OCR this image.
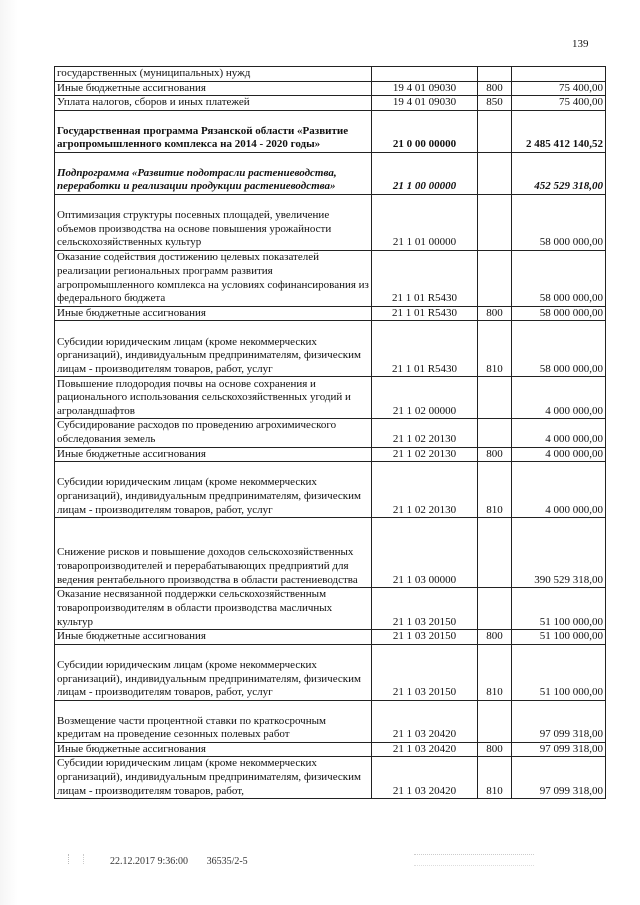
139
государственных (муниципальных) нужд			
Иные бюджетные ассигнования	19 4 01 09030	800	75 400,00
Уплата налогов, сборов и иных платежей	19 4 01 09030	850	75 400,00
Государственная программа Рязанской области «Развитие агропромышленного комплекса на 2014 - 2020 годы»	21 0 00 00000		2 485 412 140,52
Подпрограмма «Развитие подотрасли растениеводства, переработки и реализации продукции растениеводства»	21 1 00 00000		452 529 318,00
Оптимизация структуры посевных площадей, увеличение объемов производства на основе повышения урожайности сельскохозяйственных культур	21 1 01 00000		58 000 000,00
Оказание содействия достижению целевых показателей реализации региональных программ развития агропромышленного комплекса на условиях софинансирования из федерального бюджета	21 1 01 R5430		58 000 000,00
Иные бюджетные ассигнования	21 1 01 R5430	800	58 000 000,00
Субсидии юридическим лицам (кроме некоммерческих организаций), индивидуальным предпринимателям, физическим лицам - производителям товаров, работ, услуг	21 1 01 R5430	810	58 000 000,00
Повышение плодородия почвы на основе сохранения и рационального использования сельскохозяйственных угодий и агроландшафтов	21 1 02 00000		4 000 000,00
Субсидирование расходов по проведению агрохимического обследования земель	21 1 02 20130		4 000 000,00
Иные бюджетные ассигнования	21 1 02 20130	800	4 000 000,00
Субсидии юридическим лицам (кроме некоммерческих организаций), индивидуальным предпринимателям, физическим лицам - производителям товаров, работ, услуг	21 1 02 20130	810	4 000 000,00
Снижение рисков и повышение доходов сельскохозяйственных товаропроизводителей и перерабатывающих предприятий для ведения рентабельного производства в области растениеводства	21 1 03 00000		390 529 318,00
Оказание несвязанной поддержки сельскохозяйственным товаропроизводителям в области производства масличных культур	21 1 03 20150		51 100 000,00
Иные бюджетные ассигнования	21 1 03 20150	800	51 100 000,00
Субсидии юридическим лицам (кроме некоммерческих организаций), индивидуальным предпринимателям, физическим лицам - производителям товаров, работ, услуг	21 1 03 20150	810	51 100 000,00
Возмещение части процентной ставки по краткосрочным кредитам на проведение сезонных полевых работ	21 1 03 20420		97 099 318,00
Иные бюджетные ассигнования	21 1 03 20420	800	97 099 318,00
Субсидии юридическим лицам (кроме некоммерческих организаций), индивидуальным предпринимателям, физическим лицам - производителям товаров, работ,	21 1 03 20420	810	97 099 318,00
22.12.2017 9:36:00 36535/2-5
